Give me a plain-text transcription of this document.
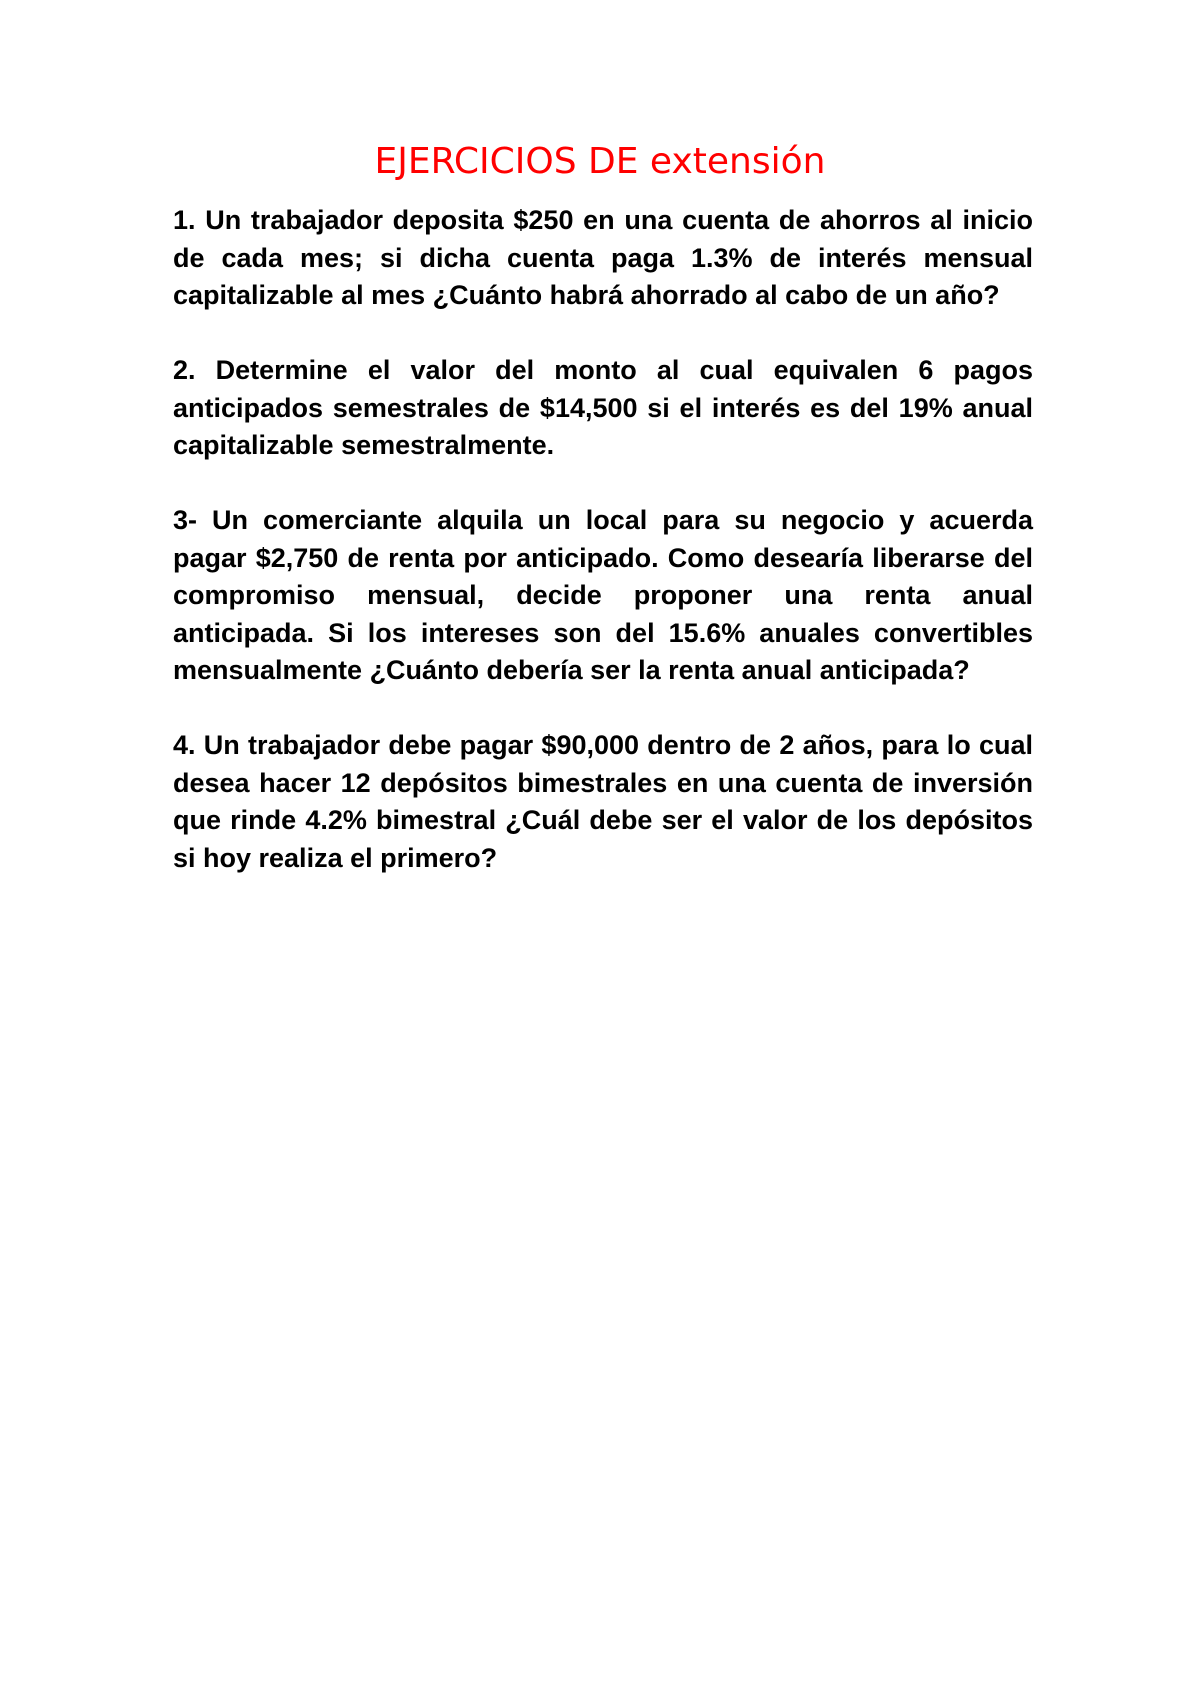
EJERCICIOS DE extensión

1. Un trabajador deposita $250 en una cuenta de ahorros al inicio de cada mes; si dicha cuenta paga 1.3% de interés mensual capitalizable al mes ¿Cuánto habrá ahorrado al cabo de un año?

2. Determine el valor del monto al cual equivalen 6 pagos anticipados semestrales de $14,500 si el interés es del 19% anual capitalizable semestralmente.

3- Un comerciante alquila un local para su negocio y acuerda pagar $2,750 de renta por anticipado. Como desearía liberarse del compromiso mensual, decide proponer una renta anual anticipada. Si los intereses son del 15.6% anuales convertibles mensualmente ¿Cuánto debería ser la renta anual anticipada?

4. Un trabajador debe pagar $90,000 dentro de 2 años, para lo cual desea hacer 12 depósitos bimestrales en una cuenta de inversión que rinde 4.2% bimestral ¿Cuál debe ser el valor de los depósitos si hoy realiza el primero?
